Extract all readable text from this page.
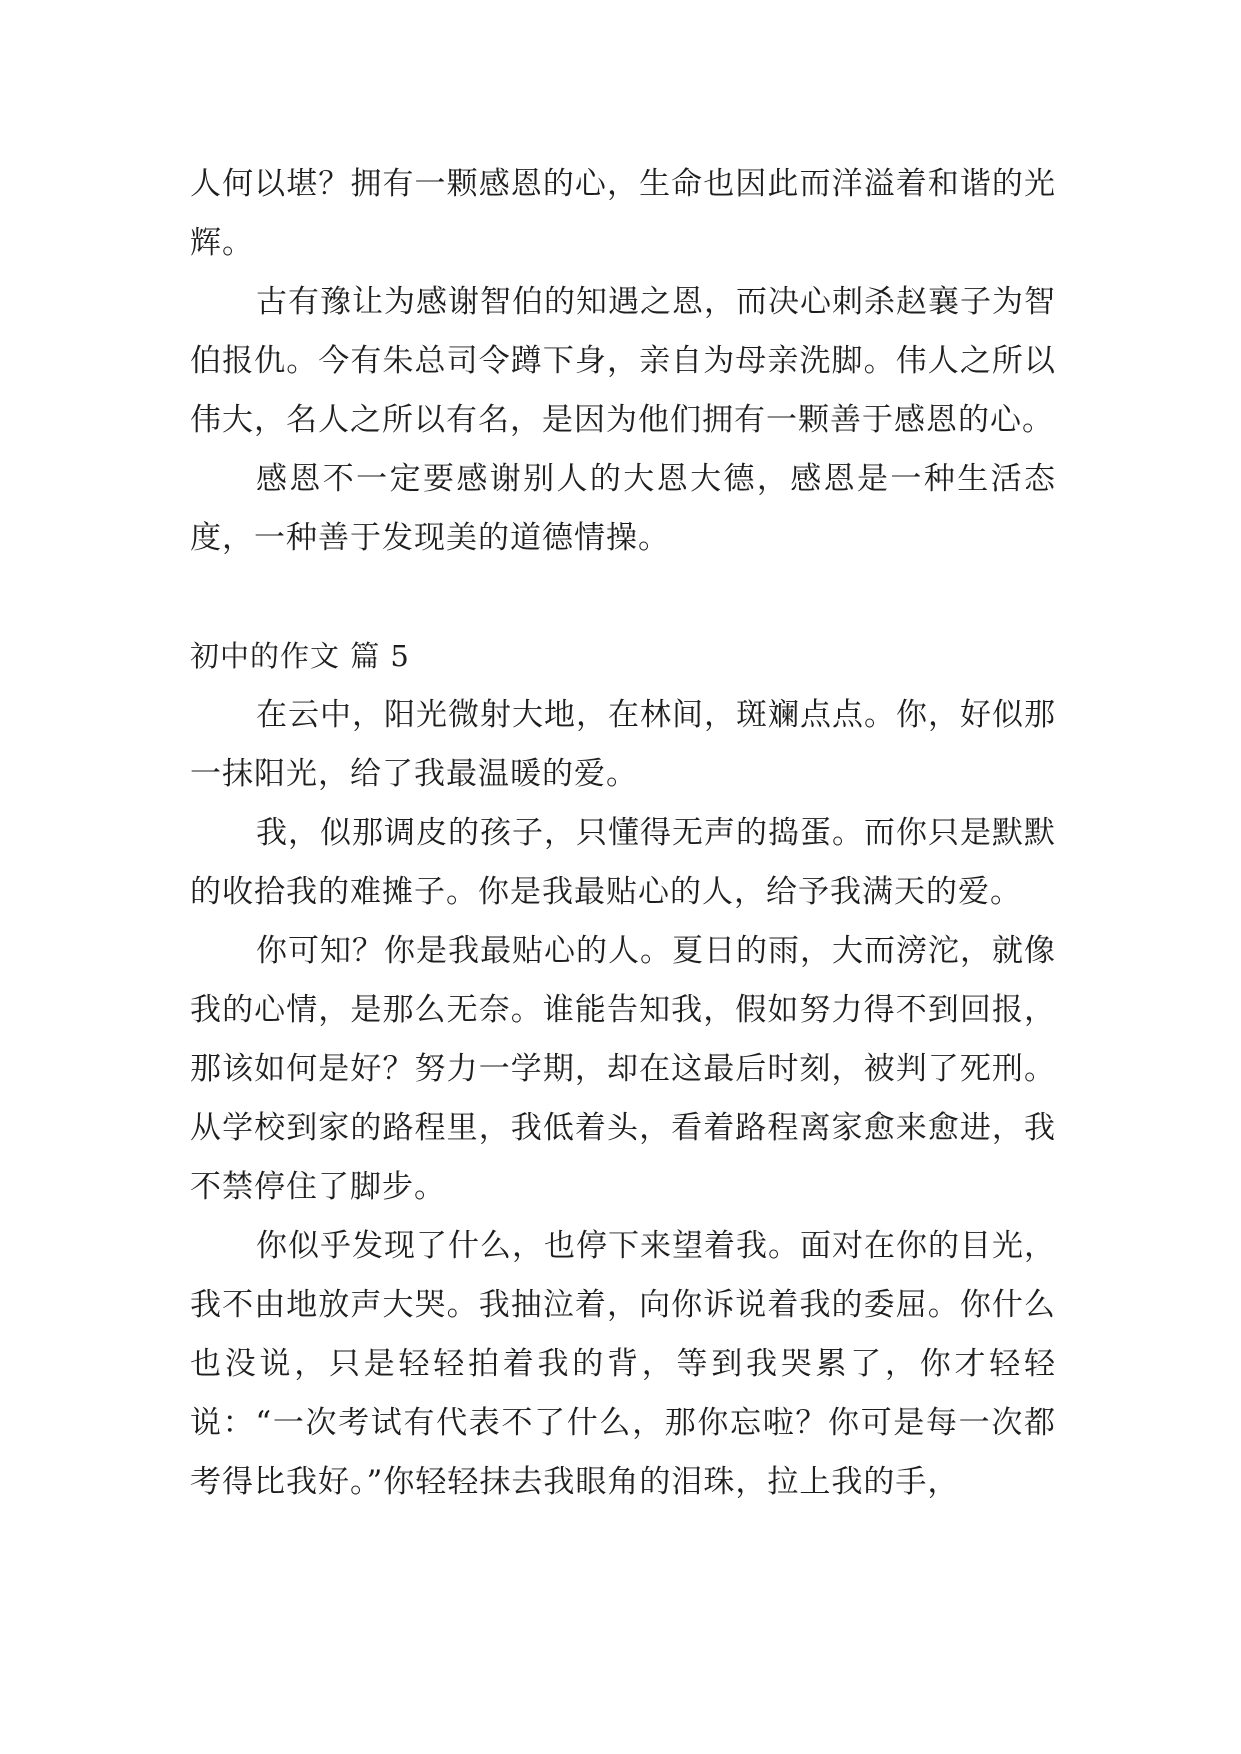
人何以堪？拥有一颗感恩的心，生命也因此而洋溢着和谐的光辉。

古有豫让为感谢智伯的知遇之恩，而决心刺杀赵襄子为智伯报仇。今有朱总司令蹲下身，亲自为母亲洗脚。伟人之所以伟大，名人之所以有名，是因为他们拥有一颗善于感恩的心。

感恩不一定要感谢别人的大恩大德，感恩是一种生活态度，一种善于发现美的道德情操。

初中的作文 篇 5

在云中，阳光微射大地，在林间，斑斓点点。你，好似那一抹阳光，给了我最温暖的爱。

我，似那调皮的孩子，只懂得无声的捣蛋。而你只是默默的收拾我的难摊子。你是我最贴心的人，给予我满天的爱。

你可知？你是我最贴心的人。夏日的雨，大而滂沱，就像我的心情，是那么无奈。谁能告知我，假如努力得不到回报，那该如何是好？努力一学期，却在这最后时刻，被判了死刑。从学校到家的路程里，我低着头，看着路程离家愈来愈进，我不禁停住了脚步。

你似乎发现了什么，也停下来望着我。面对在你的目光，我不由地放声大哭。我抽泣着，向你诉说着我的委屈。你什么也没说，只是轻轻拍着我的背，等到我哭累了，你才轻轻说：“一次考试有代表不了什么，那你忘啦？你可是每一次都考得比我好。”你轻轻抹去我眼角的泪珠，拉上我的手，
